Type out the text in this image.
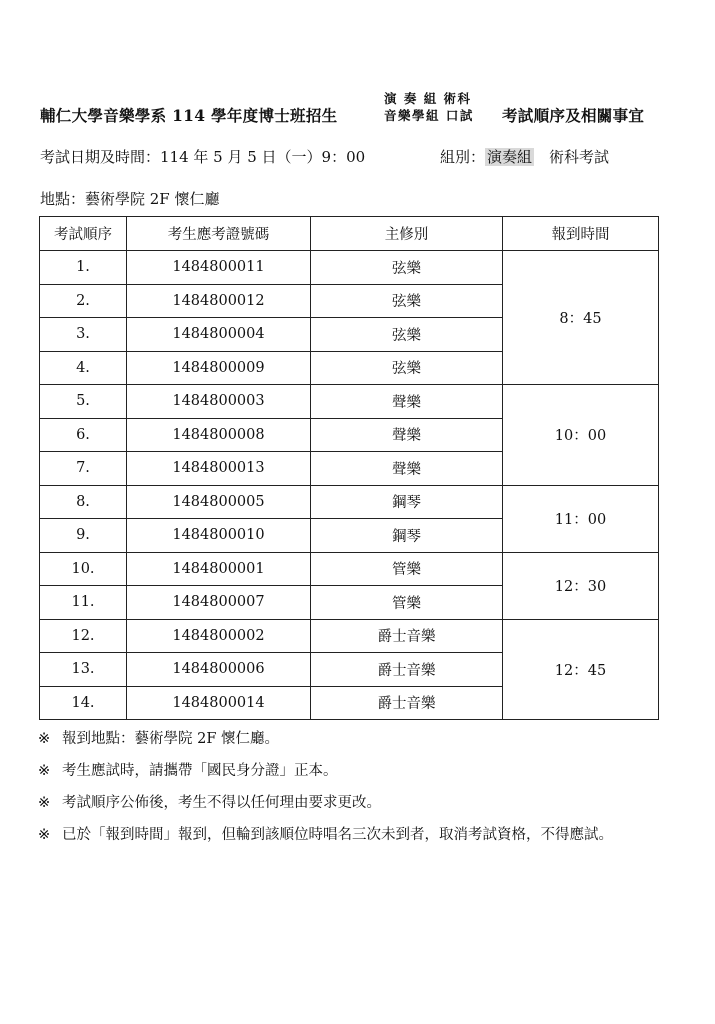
輔仁大學音樂學系 114 學年度博士班招生
演 奏 組 術科
音樂學組 口試 考試順序及相關事宜
考試日期及時間：114 年 5 月 5 日（一）9：00	組別： 演奏組　 術科考試
地點：藝術學院 2F 懷仁廳
考試順序	考生應考證號碼	主修別	報到時間
1.	1484800011	弦樂	8：45
2.	1484800012	弦樂	
3.	1484800004	弦樂	
4.	1484800009	弦樂	
5.	1484800003	聲樂	10：00
6.	1484800008	聲樂	
7.	1484800013	聲樂	
8.	1484800005	鋼琴	11：00
9.	1484800010	鋼琴	
10.	1484800001	管樂	12：30
11.	1484800007	管樂	
12.	1484800002	爵士音樂	12：45
13.	1484800006	爵士音樂	
14.	1484800014	爵士音樂	
※ 報到地點：藝術學院 2F 懷仁廳。
※ 考生應試時，請攜帶「國民身分證」正本。
※ 考試順序公佈後，考生不得以任何理由要求更改。
※ 已於「報到時間」報到，但輪到該順位時唱名三次未到者，取消考試資格，不得應試。
